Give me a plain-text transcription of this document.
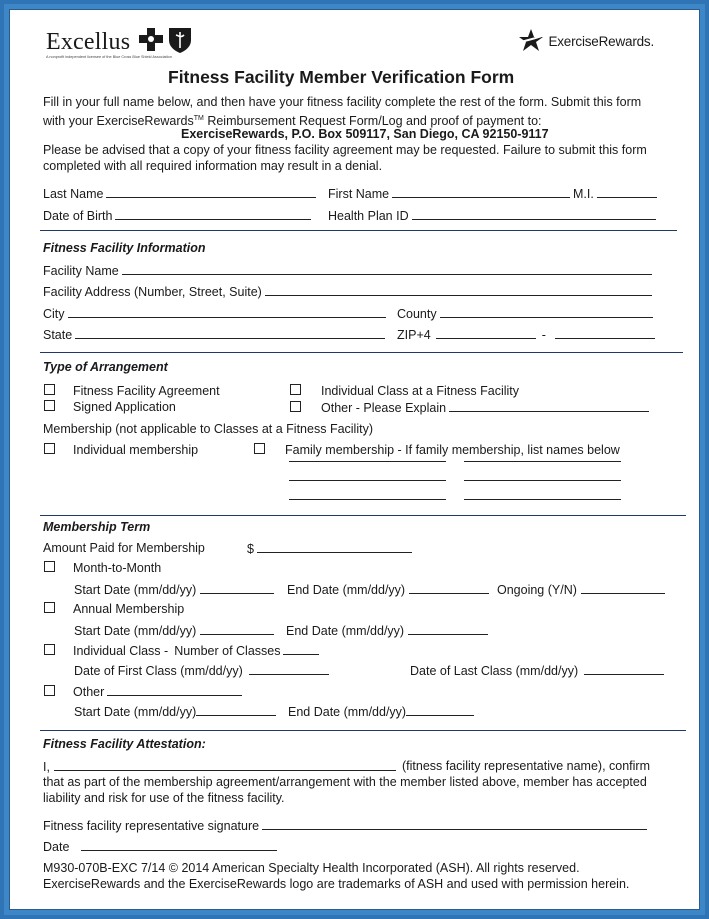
Excellus
A nonprofit independent licensee of the Blue Cross Blue Shield Association
ExerciseRewards.
Fitness Facility Member Verification Form
Fill in your full name below, and then have your fitness facility complete the rest of the form. Submit this form
with your ExerciseRewards™ Reimbursement Request Form/Log and proof of payment to:
ExerciseRewards, P.O. Box 509117, San Diego, CA 92150-9117
Please be advised that a copy of your fitness facility agreement may be requested. Failure to submit this form
completed with all required information may result in a denial.
Last Name	First Name	M.I.
Date of Birth	Health Plan ID
Fitness Facility Information
Facility Name
Facility Address (Number, Street, Suite)
City	County
State	ZIP+4	-
Type of Arrangement
Fitness Facility Agreement	Individual Class at a Fitness Facility
Signed Application	Other - Please Explain
Membership (not applicable to Classes at a Fitness Facility)
Individual membership	Family membership - If family membership, list names below
Membership Term
Amount Paid for Membership	$
Month-to-Month
Start Date (mm/dd/yy)	End Date (mm/dd/yy)	Ongoing (Y/N)
Annual Membership
Start Date (mm/dd/yy)	End Date (mm/dd/yy)
Individual Class - Number of Classes
Date of First Class (mm/dd/yy)	Date of Last Class (mm/dd/yy)
Other
Start Date (mm/dd/yy)	End Date (mm/dd/yy)
Fitness Facility Attestation:
I,	(fitness facility representative name), confirm
that as part of the membership agreement/arrangement with the member listed above, member has accepted
liability and risk for use of the fitness facility.
Fitness facility representative signature
Date
M930-070B-EXC 7/14 © 2014 American Specialty Health Incorporated (ASH). All rights reserved.
ExerciseRewards and the ExerciseRewards logo are trademarks of ASH and used with permission herein.
